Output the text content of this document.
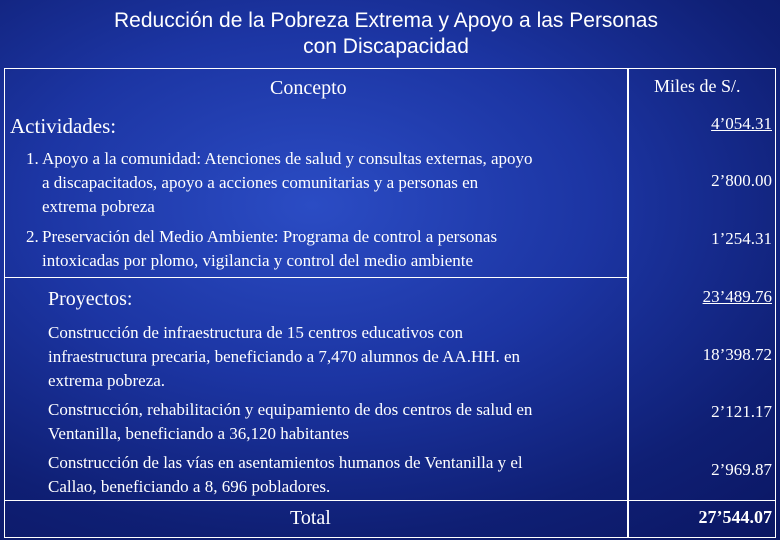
Reducción de la Pobreza Extrema y Apoyo a las Personas
con Discapacidad
Concepto	Miles de S/.
Actividades:	4’054.31
1. Apoyo a la comunidad: Atenciones de salud y consultas externas, apoyo
a discapacitados, apoyo a acciones comunitarias y a personas en
extrema pobreza
2’800.00
2. Preservación del Medio Ambiente: Programa de control a personas
intoxicadas por plomo, vigilancia y control del medio ambiente
1’254.31
Proyectos:	23’489.76
Construcción de infraestructura de 15 centros educativos con
infraestructura precaria, beneficiando a 7,470 alumnos de AA.HH. en
extrema pobreza.
18’398.72
Construcción, rehabilitación y equipamiento de dos centros de salud en
Ventanilla, beneficiando a 36,120 habitantes
2’121.17
Construcción de las vías en asentamientos humanos de Ventanilla y el
Callao, beneficiando a 8, 696 pobladores.
2’969.87
Total	27’544.07
